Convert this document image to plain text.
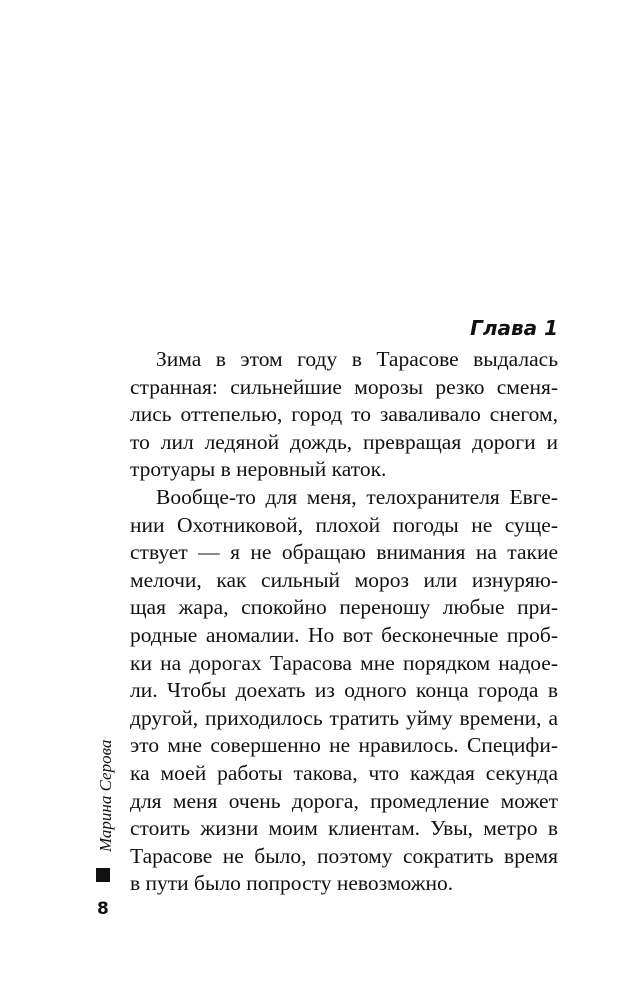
Глава 1
Зима в этом году в Тарасове выдалась
странная: сильнейшие морозы резко сменя-
лись оттепелью, город то заваливало снегом,
то лил ледяной дождь, превращая дороги и
тротуары в неровный каток.
Вообще-то для меня, телохранителя Евге-
нии Охотниковой, плохой погоды не суще-
ствует — я не обращаю внимания на такие
мелочи, как сильный мороз или изнуряю-
щая жара, спокойно переношу любые при-
родные аномалии. Но вот бесконечные проб-
ки на дорогах Тарасова мне порядком надое-
ли. Чтобы доехать из одного конца города в
другой, приходилось тратить уйму времени, а
это мне совершенно не нравилось. Специфи-
ка моей работы такова, что каждая секунда
для меня очень дорога, промедление может
стоить жизни моим клиентам. Увы, метро в
Тарасове не было, поэтому сократить время
в пути было попросту невозможно.
Марина Серова
8
